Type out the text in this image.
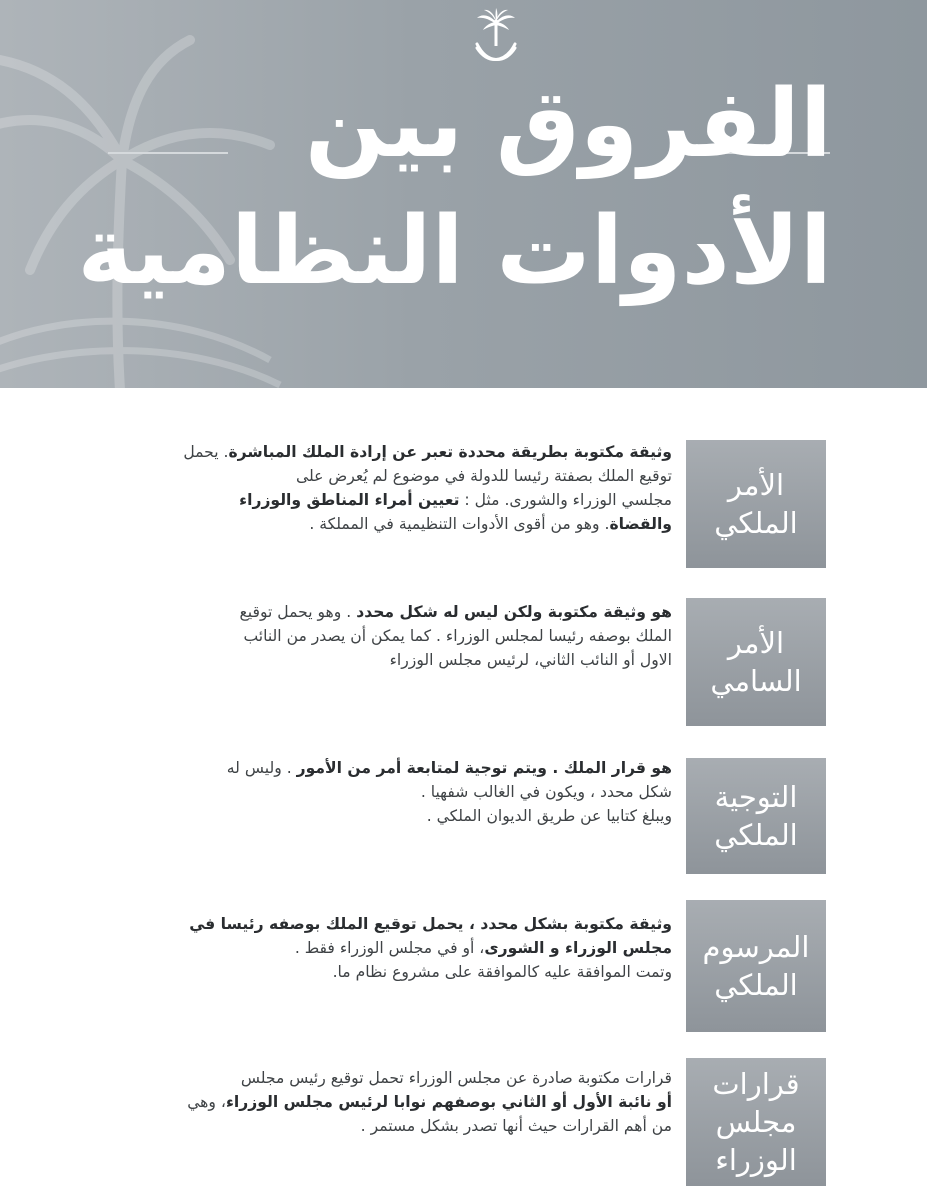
الفروق بين
الأدوات النظامية
الأمر الملكي

وثيقة مكتوبة بطريقة محددة تعبر عن إرادة الملك المباشرة. يحمل

توقيع الملك بصفتة رئيسا للدولة في موضوع لم يُعرض على

مجلسي الوزراء والشورى. مثل : تعيين أمراء المناطق والوزراء

والقضاة. وهو من أقوى الأدوات التنظيمية في المملكة .

الأمر السامي

هو وثيقة مكتوبة ولكن ليس له شكل محدد . وهو يحمل توقيع

الملك بوصفه رئيسا لمجلس الوزراء . كما يمكن أن يصدر من النائب

الاول أو النائب الثاني، لرئيس مجلس الوزراء

التوجية الملكي

هو قرار الملك . ويتم توجية لمتابعة أمر من الأمور . وليس له

شكل محدد ، ويكون في الغالب شفهيا .

ويبلغ كتابيا عن طريق الديوان الملكي .

المرسوم الملكي

وثيقة مكتوبة بشكل محدد ، يحمل توقيع الملك بوصفه رئيسا في

مجلس الوزراء و الشورى، أو في مجلس الوزراء فقط .

وتمت الموافقة عليه كالموافقة على مشروع نظام ما.

قرارات مجلس الوزراء

قرارات مكتوبة صادرة عن مجلس الوزراء تحمل توقيع رئيس مجلس

أو نائبة الأول أو الثاني بوصفهم نوابا لرئيس مجلس الوزراء، وهي

من أهم القرارات حيث أنها تصدر بشكل مستمر .
